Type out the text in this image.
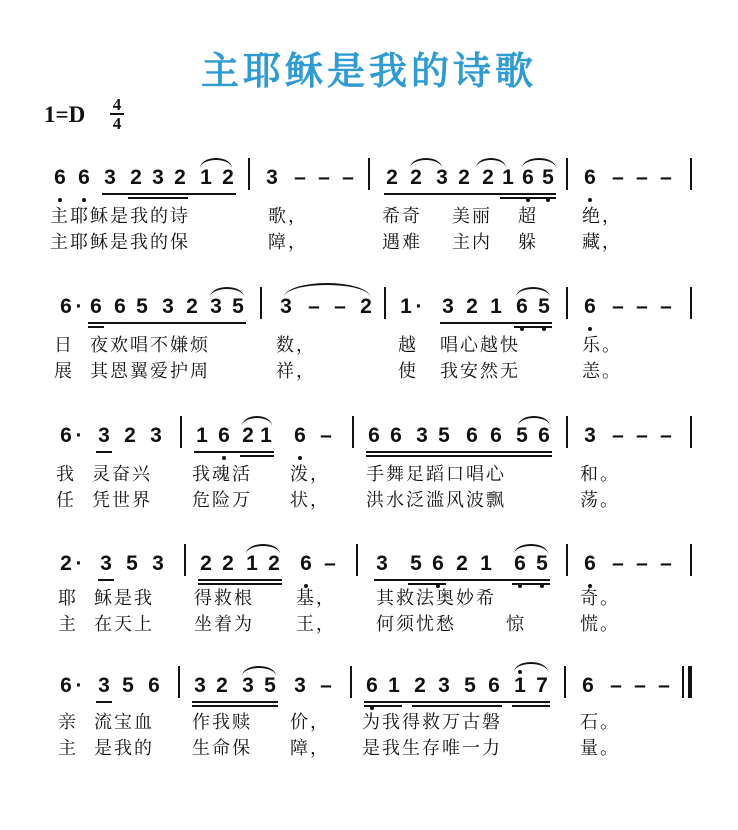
主耶稣是我的诗歌
1=D 4
4
6 6 3 2 3 2 1 2 3 – – – 2 2 3 2 2 1 6 5 6 – – –
主耶稣是我的诗	歌，	希奇 美丽 超 绝，
主耶稣是我的保	障，	遇难 主内 躲 藏，
6 · 6 6 5 3 2 3 5 3 – – 2 1 · 3 2 1 6 5 6 – – –
日 夜欢唱不嫌烦	数，	越 唱心越快	乐。
展 其恩翼爱护周	祥，	使 我安然无	恙。
6 · 3 2 3 1 6 2 1 6 – 6 6 3 5 6 6 5 6 3 – – –
我 灵奋兴 我魂活 泼， 手舞足蹈口唱心	和。
任 凭世界 危险万 状， 洪水泛滥风波飘	荡。
2 · 3 5 3 2 2 1 2 6 – 3 5 6 2 1 6 5 6 – – –
耶 稣是我 得救根 基， 其救法奥妙希	奇。
主 在天上 坐着为 王， 何须忧愁	惊	慌。
6 · 3 5 6 3 2 3 5 3 – 6 1 2 3 5 6 1 7 6 – – –
亲 流宝血 作我赎 价， 为我得救万古磐	石。
主 是我的 生命保 障， 是我生存唯一力	量。
